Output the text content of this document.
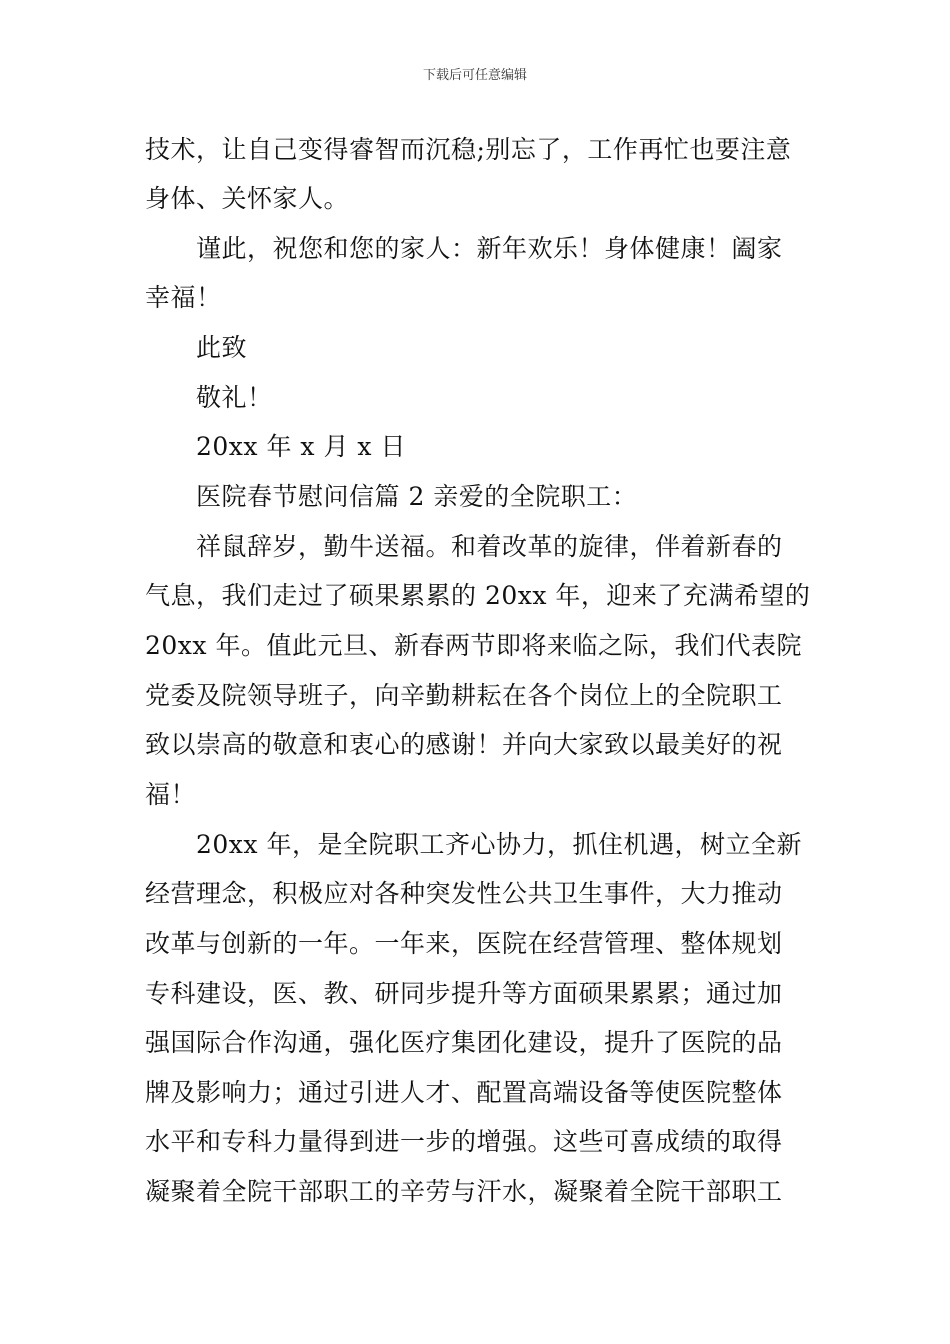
下载后可任意编辑
技术，让自己变得睿智而沉稳;别忘了，工作再忙也要注意
身体、关怀家人。
谨此，祝您和您的家人：新年欢乐！身体健康！阖家
幸福！
此致
敬礼！
20xx 年 x 月 x 日
医院春节慰问信篇 2 亲爱的全院职工：
祥鼠辞岁，勤牛送福。和着改革的旋律，伴着新春的
气息，我们走过了硕果累累的 20xx 年，迎来了充满希望的
20xx 年。值此元旦、新春两节即将来临之际，我们代表院
党委及院领导班子，向辛勤耕耘在各个岗位上的全院职工
致以崇高的敬意和衷心的感谢！并向大家致以最美好的祝
福！
20xx 年，是全院职工齐心协力，抓住机遇，树立全新
经营理念，积极应对各种突发性公共卫生事件，大力推动
改革与创新的一年。一年来，医院在经营管理、整体规划
专科建设，医、教、研同步提升等方面硕果累累；通过加
强国际合作沟通，强化医疗集团化建设，提升了医院的品
牌及影响力；通过引进人才、配置高端设备等使医院整体
水平和专科力量得到进一步的增强。这些可喜成绩的取得
凝聚着全院干部职工的辛劳与汗水，凝聚着全院干部职工
